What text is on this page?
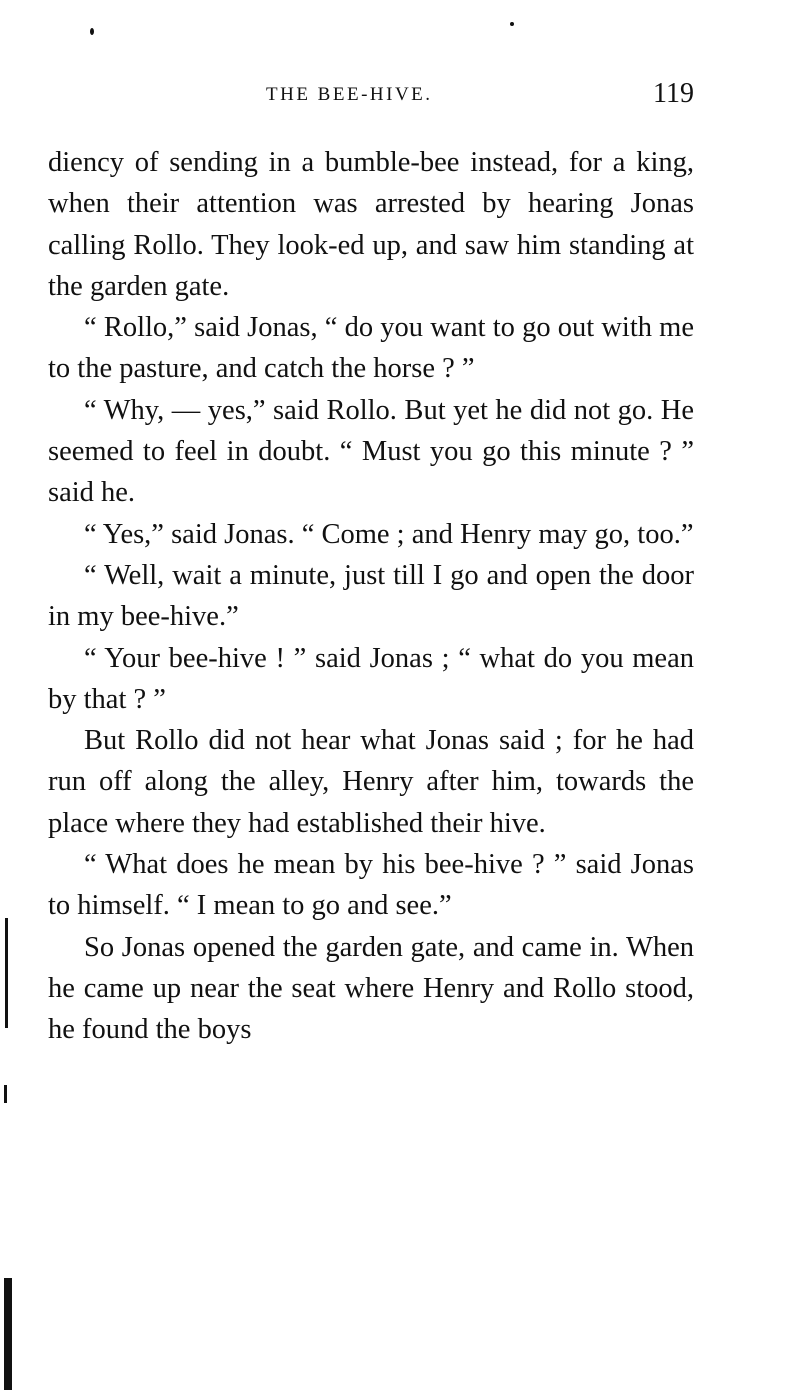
THE BEE-HIVE.	119

diency of sending in a bumble-bee instead, for a king, when their attention was arrested by hearing Jonas calling Rollo. They look-ed up, and saw him standing at the garden gate.

“ Rollo,” said Jonas, “ do you want to go out with me to the pasture, and catch the horse ? ”

“ Why, — yes,” said Rollo. But yet he did not go. He seemed to feel in doubt. “ Must you go this minute ? ” said he.

“ Yes,” said Jonas. “ Come ; and Henry may go, too.”

“ Well, wait a minute, just till I go and open the door in my bee-hive.”

“ Your bee-hive ! ” said Jonas ; “ what do you mean by that ? ”

But Rollo did not hear what Jonas said ; for he had run off along the alley, Henry after him, towards the place where they had established their hive.

“ What does he mean by his bee-hive ? ” said Jonas to himself. “ I mean to go and see.”

So Jonas opened the garden gate, and came in. When he came up near the seat where Henry and Rollo stood, he found the boys
